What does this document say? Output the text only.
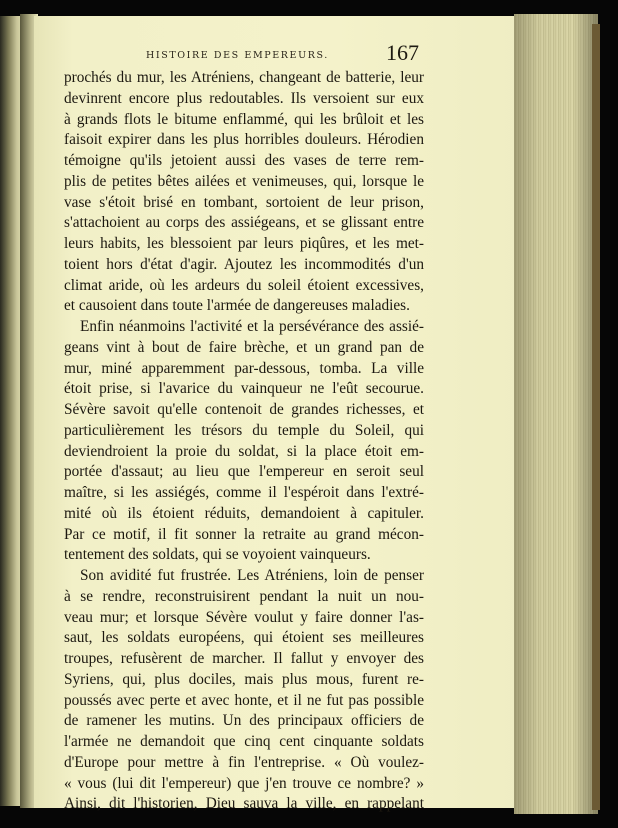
HISTOIRE DES EMPEREURS.	167
prochés du mur, les Atréniens, changeant de batterie, leur
devinrent encore plus redoutables. Ils versoient sur eux
à grands flots le bitume enflammé, qui les brûloit et les
faisoit expirer dans les plus horribles douleurs. Hérodien
témoigne qu'ils jetoient aussi des vases de terre rem-
plis de petites bêtes ailées et venimeuses, qui, lorsque le
vase s'étoit brisé en tombant, sortoient de leur prison,
s'attachoient au corps des assiégeans, et se glissant entre
leurs habits, les blessoient par leurs piqûres, et les met-
toient hors d'état d'agir. Ajoutez les incommodités d'un
climat aride, où les ardeurs du soleil étoient excessives,
et causoient dans toute l'armée de dangereuses maladies.
Enfin néanmoins l'activité et la persévérance des assié-
geans vint à bout de faire brèche, et un grand pan de
mur, miné apparemment par-dessous, tomba. La ville
étoit prise, si l'avarice du vainqueur ne l'eût secourue.
Sévère savoit qu'elle contenoit de grandes richesses, et
particulièrement les trésors du temple du Soleil, qui
deviendroient la proie du soldat, si la place étoit em-
portée d'assaut; au lieu que l'empereur en seroit seul
maître, si les assiégés, comme il l'espéroit dans l'extré-
mité où ils étoient réduits, demandoient à capituler.
Par ce motif, il fit sonner la retraite au grand mécon-
tentement des soldats, qui se voyoient vainqueurs.
Son avidité fut frustrée. Les Atréniens, loin de penser
à se rendre, reconstruisirent pendant la nuit un nou-
veau mur; et lorsque Sévère voulut y faire donner l'as-
saut, les soldats européens, qui étoient ses meilleures
troupes, refusèrent de marcher. Il fallut y envoyer des
Syriens, qui, plus dociles, mais plus mous, furent re-
poussés avec perte et avec honte, et il ne fut pas possible
de ramener les mutins. Un des principaux officiers de
l'armée ne demandoit que cinq cent cinquante soldats
d'Europe pour mettre à fin l'entreprise. « Où voulez-
« vous (lui dit l'empereur) que j'en trouve ce nombre? »
Ainsi, dit l'historien, Dieu sauva la ville, en rappelant
